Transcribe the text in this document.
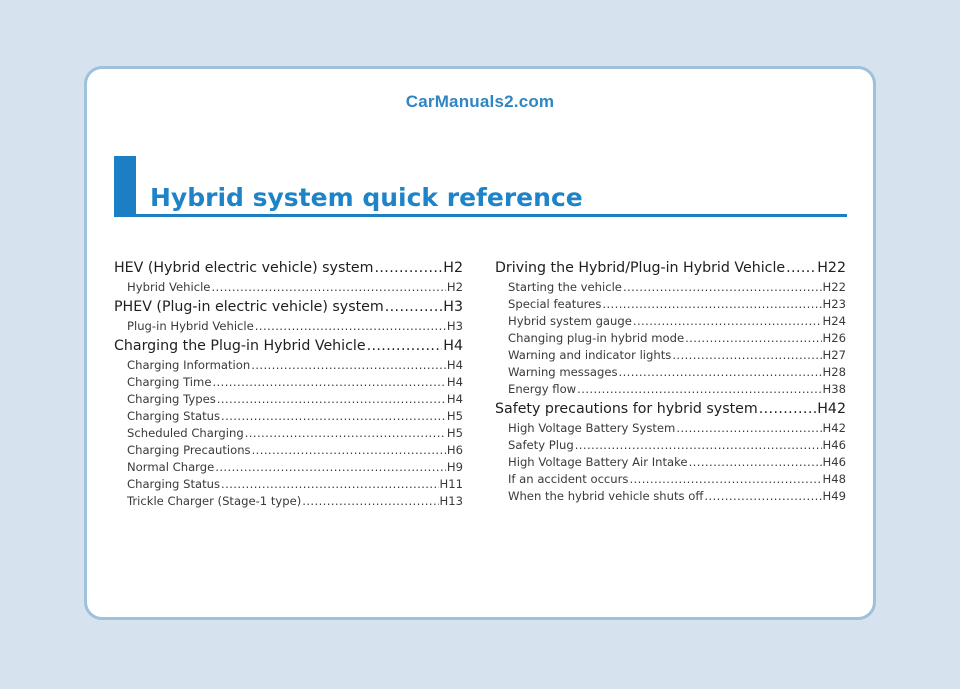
CarManuals2.com
Hybrid system quick reference
HEV (Hybrid electric vehicle) system .....	H2
Hybrid Vehicle .....	H2
PHEV (Plug-in electric vehicle) system .....	H3
Plug-in Hybrid Vehicle .....	H3
Charging the Plug-in Hybrid Vehicle .....	H4
Charging Information .....	H4
Charging Time .....	H4
Charging Types .....	H4
Charging Status .....	H5
Scheduled Charging .....	H5
Charging Precautions .....	H6
Normal Charge .....	H9
Charging Status .....	H11
Trickle Charger (Stage-1 type) .....	H13
Driving the Hybrid/Plug-in Hybrid Vehicle ..... H22
Starting the vehicle .....	H22
Special features .....	H23
Hybrid system gauge .....	H24
Changing plug-in hybrid mode .....	H26
Warning and indicator lights .....	H27
Warning messages .....	H28
Energy flow .....	H38
Safety precautions for hybrid system .....	H42
High Voltage Battery System .....	H42
Safety Plug .....	H46
High Voltage Battery Air Intake .....	H46
If an accident occurs .....	H48
When the hybrid vehicle shuts off .....	H49
